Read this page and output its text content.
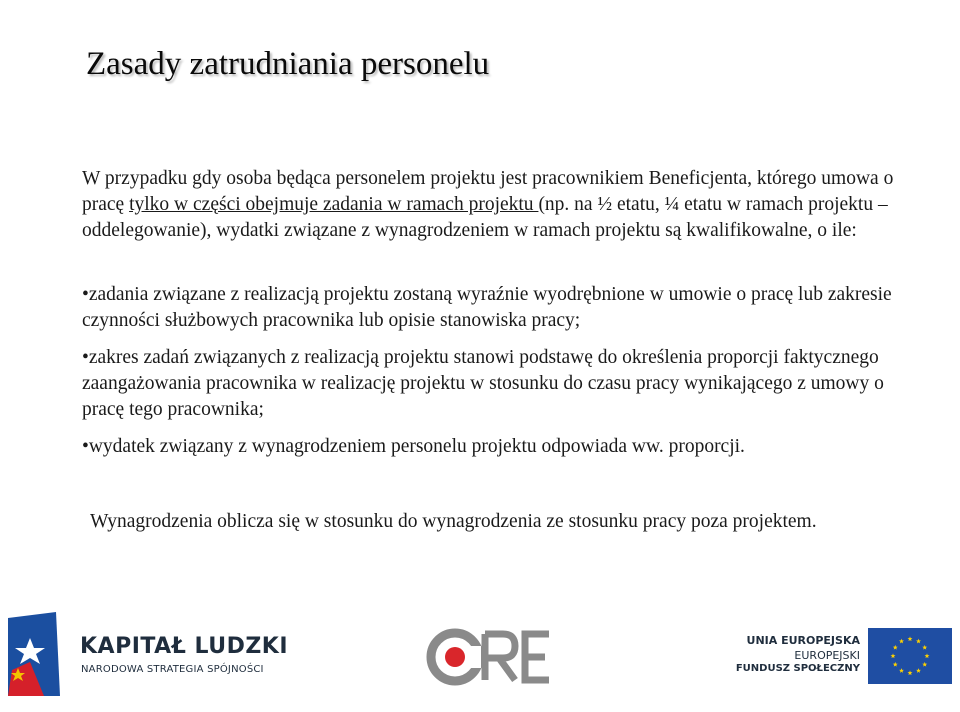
Zasady zatrudniania personelu
W przypadku gdy osoba będąca personelem projektu jest pracownikiem Beneficjenta, którego umowa o pracę tylko w części obejmuje zadania w ramach projektu (np. na ½ etatu, ¼ etatu w ramach projektu – oddelegowanie), wydatki związane z wynagrodzeniem w ramach projektu są kwalifikowalne, o ile:
•zadania związane z realizacją projektu zostaną wyraźnie wyodrębnione w umowie o pracę lub zakresie czynności służbowych pracownika lub opisie stanowiska pracy;
•zakres zadań związanych z realizacją projektu stanowi podstawę do określenia proporcji faktycznego zaangażowania pracownika w realizację projektu w stosunku do czasu pracy wynikającego z umowy o pracę tego pracownika;
•wydatek związany z wynagrodzeniem personelu projektu odpowiada ww. proporcji.
Wynagrodzenia oblicza się w stosunku do wynagrodzenia ze stosunku pracy poza projektem.
KAPITAŁ LUDZKI
NARODOWA STRATEGIA SPÓJNOŚCI
UNIA EUROPEJSKA
EUROPEJSKI
FUNDUSZ SPOŁECZNY
